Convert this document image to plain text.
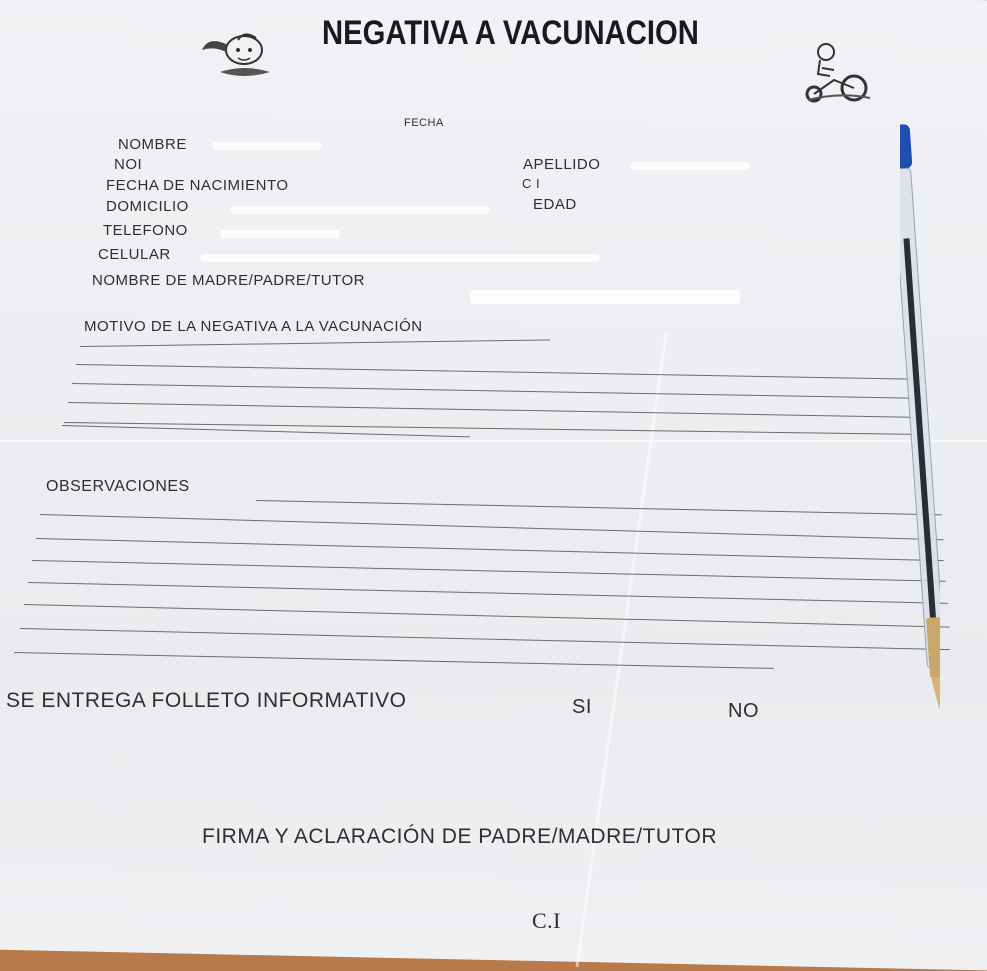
NEGATIVA A VACUNACION
FECHA
NOMBRE
NOI	APELLIDO
FECHA DE NACIMIENTO	C I
DOMICILIO	EDAD
TELEFONO
CELULAR
NOMBRE DE MADRE/PADRE/TUTOR
MOTIVO DE LA NEGATIVA A LA VACUNACIÓN
OBSERVACIONES
SE ENTREGA FOLLETO INFORMATIVO	SI	NO
FIRMA Y ACLARACIÓN DE PADRE/MADRE/TUTOR
C.I
